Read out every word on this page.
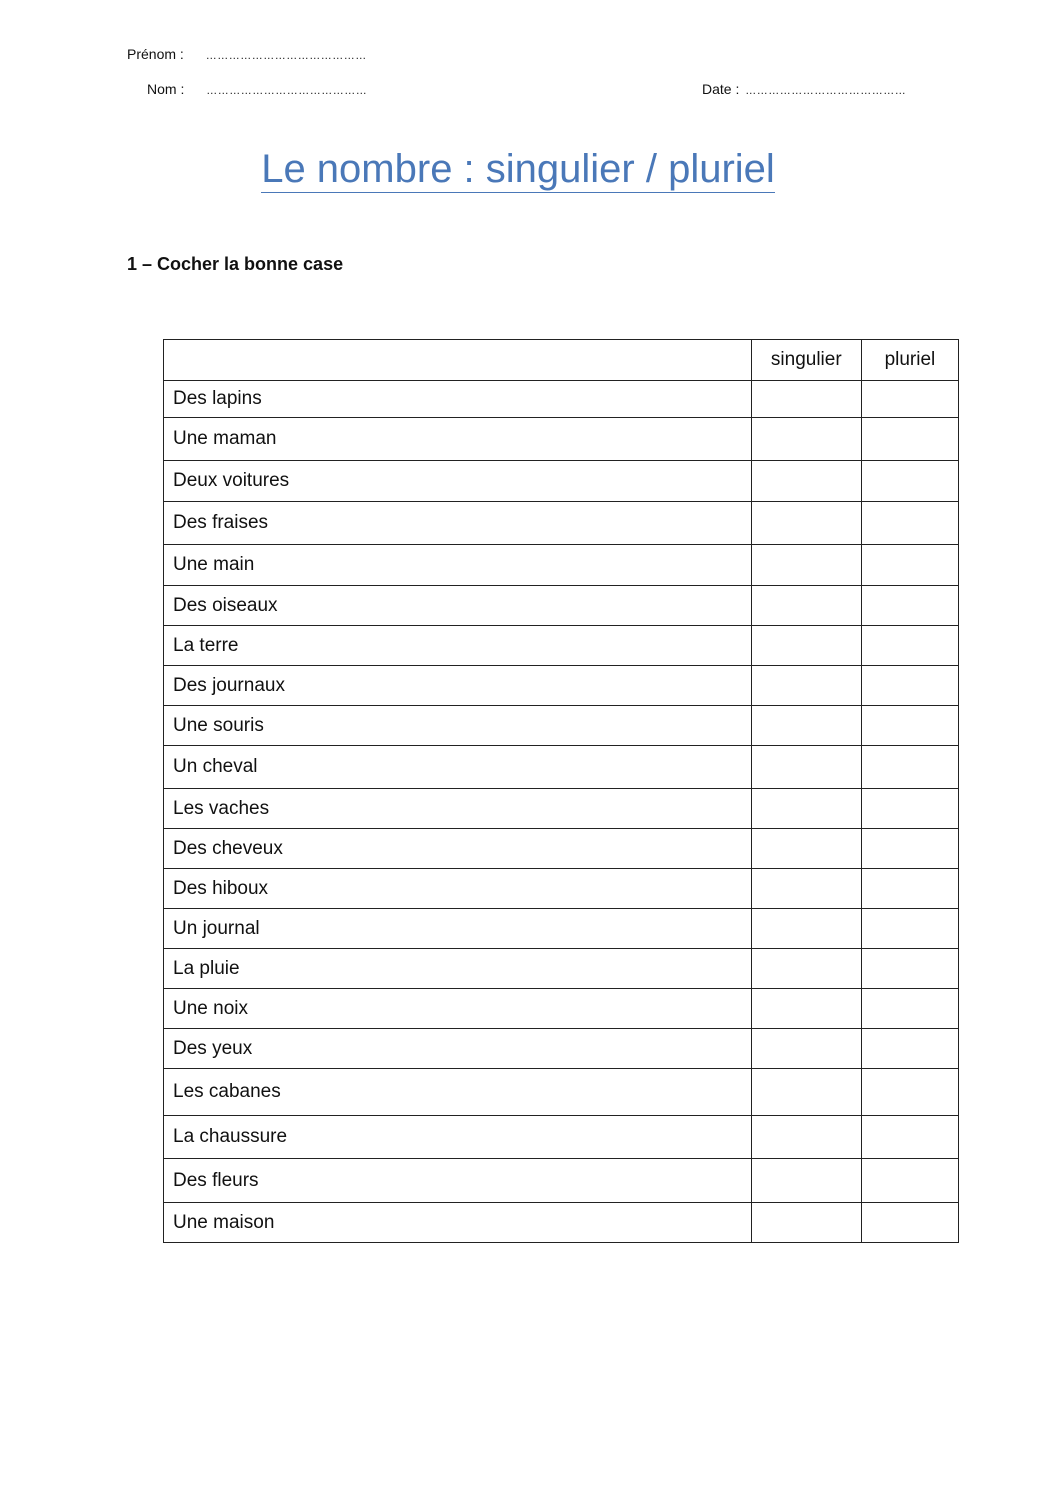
Prénom : ……………………………………
Nom : ……………………………………	Date : ……………………………………
Le nombre : singulier / pluriel
1 – Cocher la bonne case
	singulier	pluriel
Des lapins		
Une maman		
Deux voitures		
Des fraises		
Une main		
Des oiseaux		
La terre		
Des journaux		
Une souris		
Un cheval		
Les vaches		
Des cheveux		
Des hiboux		
Un journal		
La pluie		
Une noix		
Des yeux		
Les cabanes		
La chaussure		
Des fleurs		
Une maison		
